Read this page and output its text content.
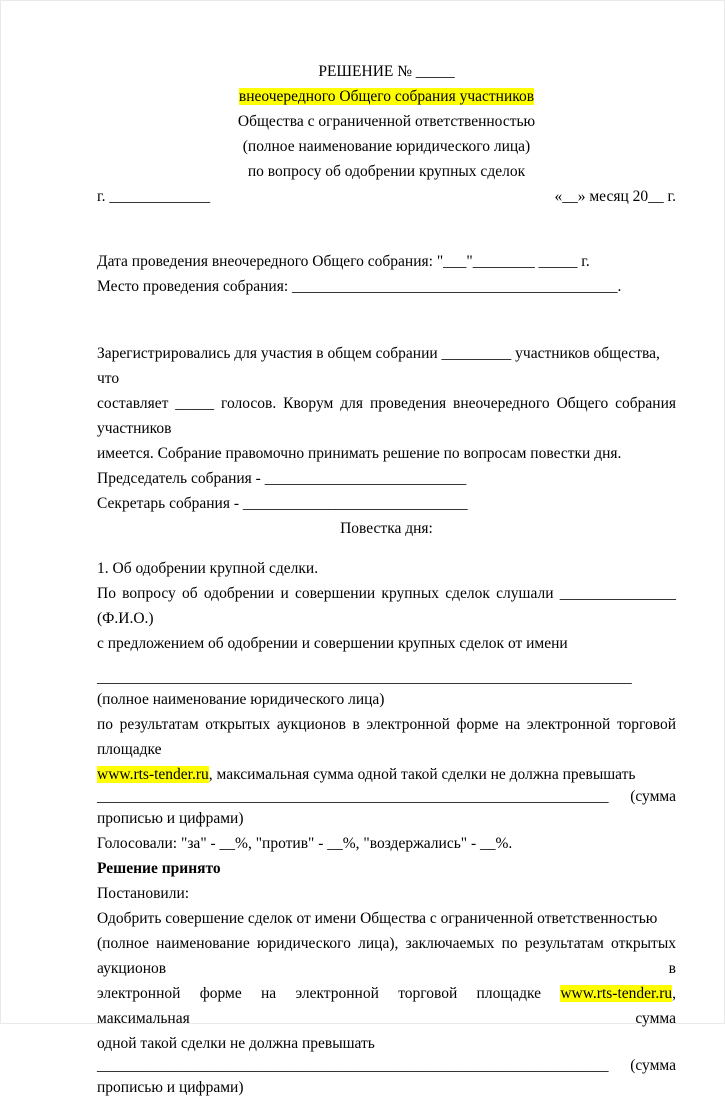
РЕШЕНИЕ № _____
внеочередного Общего собрания участников
Общества с ограниченной ответственностью
(полное наименование юридического лица)
по вопросу об одобрении крупных сделок
г. _____________	«__» месяц 20__ г.
Дата проведения внеочередного Общего собрания: "___"________ _____ г.
Место проведения собрания: __________________________________________.
Зарегистрировались для участия в общем собрании _________ участников общества, что
составляет _____ голосов. Кворум для проведения внеочередного Общего собрания участников
имеется. Собрание правомочно принимать решение по вопросам повестки дня.
Председатель собрания - __________________________
Секретарь собрания - _____________________________
Повестка дня:
1. Об одобрении крупной сделки.
По вопросу об одобрении и совершении крупных сделок слушали _______________ (Ф.И.О.)
с предложением об одобрении и совершении крупных сделок от имени
_____________________________________________________________________
(полное наименование юридического лица)
по результатам открытых аукционов в электронной форме на электронной торговой площадке
www.rts-tender.ru, максимальная сумма одной такой сделки не должна превышать
__________________________________________________________________ (сумма
прописью и цифрами)
Голосовали: "за" - __%, "против" - __%, "воздержались" - __%.
Решение принято
Постановили:
Одобрить совершение сделок от имени Общества с ограниченной ответственностью
(полное наименование юридического лица), заключаемых по результатам открытых аукционов в
электронной форме на электронной торговой площадке www.rts-tender.ru, максимальная сумма
одной такой сделки не должна превышать
__________________________________________________________________ (сумма
прописью и цифрами)
